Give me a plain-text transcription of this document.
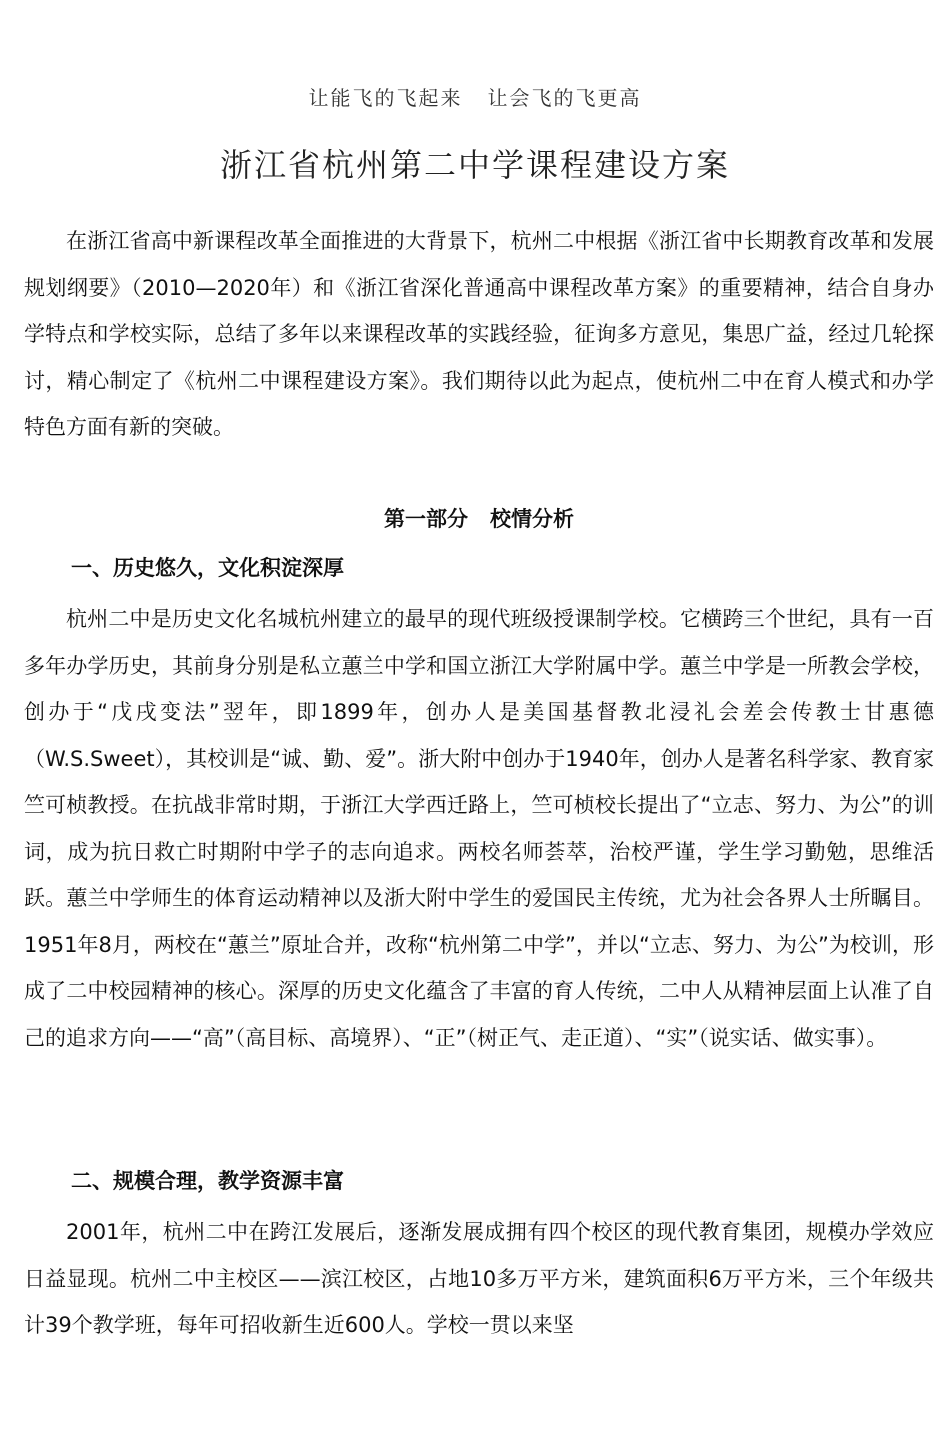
让能飞的飞起来   让会飞的飞更高
浙江省杭州第二中学课程建设方案

在浙江省高中新课程改革全面推进的大背景下，杭州二中根据《浙江省中长期教育改革和发展规划纲要》（2010—2020年）和《浙江省深化普通高中课程改革方案》的重要精神，结合自身办学特点和学校实际，总结了多年以来课程改革的实践经验，征询多方意见，集思广益，经过几轮探讨，精心制定了《杭州二中课程建设方案》。我们期待以此为起点，使杭州二中在育人模式和办学特色方面有新的突破。

第一部分   校情分析
一、历史悠久，文化积淀深厚

杭州二中是历史文化名城杭州建立的最早的现代班级授课制学校。它横跨三个世纪，具有一百多年办学历史，其前身分别是私立蕙兰中学和国立浙江大学附属中学。蕙兰中学是一所教会学校，创办于“戊戌变法”翌年，即1899年，创办人是美国基督教北浸礼会差会传教士甘惠德（W.S.Sweet），其校训是“诚、勤、爱”。浙大附中创办于1940年，创办人是著名科学家、教育家竺可桢教授。在抗战非常时期，于浙江大学西迁路上，竺可桢校长提出了“立志、努力、为公”的训词，成为抗日救亡时期附中学子的志向追求。两校名师荟萃，治校严谨，学生学习勤勉，思维活跃。蕙兰中学师生的体育运动精神以及浙大附中学生的爱国民主传统，尤为社会各界人士所瞩目。1951年8月，两校在“蕙兰”原址合并，改称“杭州第二中学”，并以“立志、努力、为公”为校训，形成了二中校园精神的核心。深厚的历史文化蕴含了丰富的育人传统，二中人从精神层面上认准了自己的追求方向——“高”（高目标、高境界）、“正”（树正气、走正道）、“实”（说实话、做实事）。

二、规模合理，教学资源丰富

2001年，杭州二中在跨江发展后，逐渐发展成拥有四个校区的现代教育集团，规模办学效应日益显现。杭州二中主校区——滨江校区，占地10多万平方米，建筑面积6万平方米，三个年级共计39个教学班，每年可招收新生近600人。学校一贯以来坚
